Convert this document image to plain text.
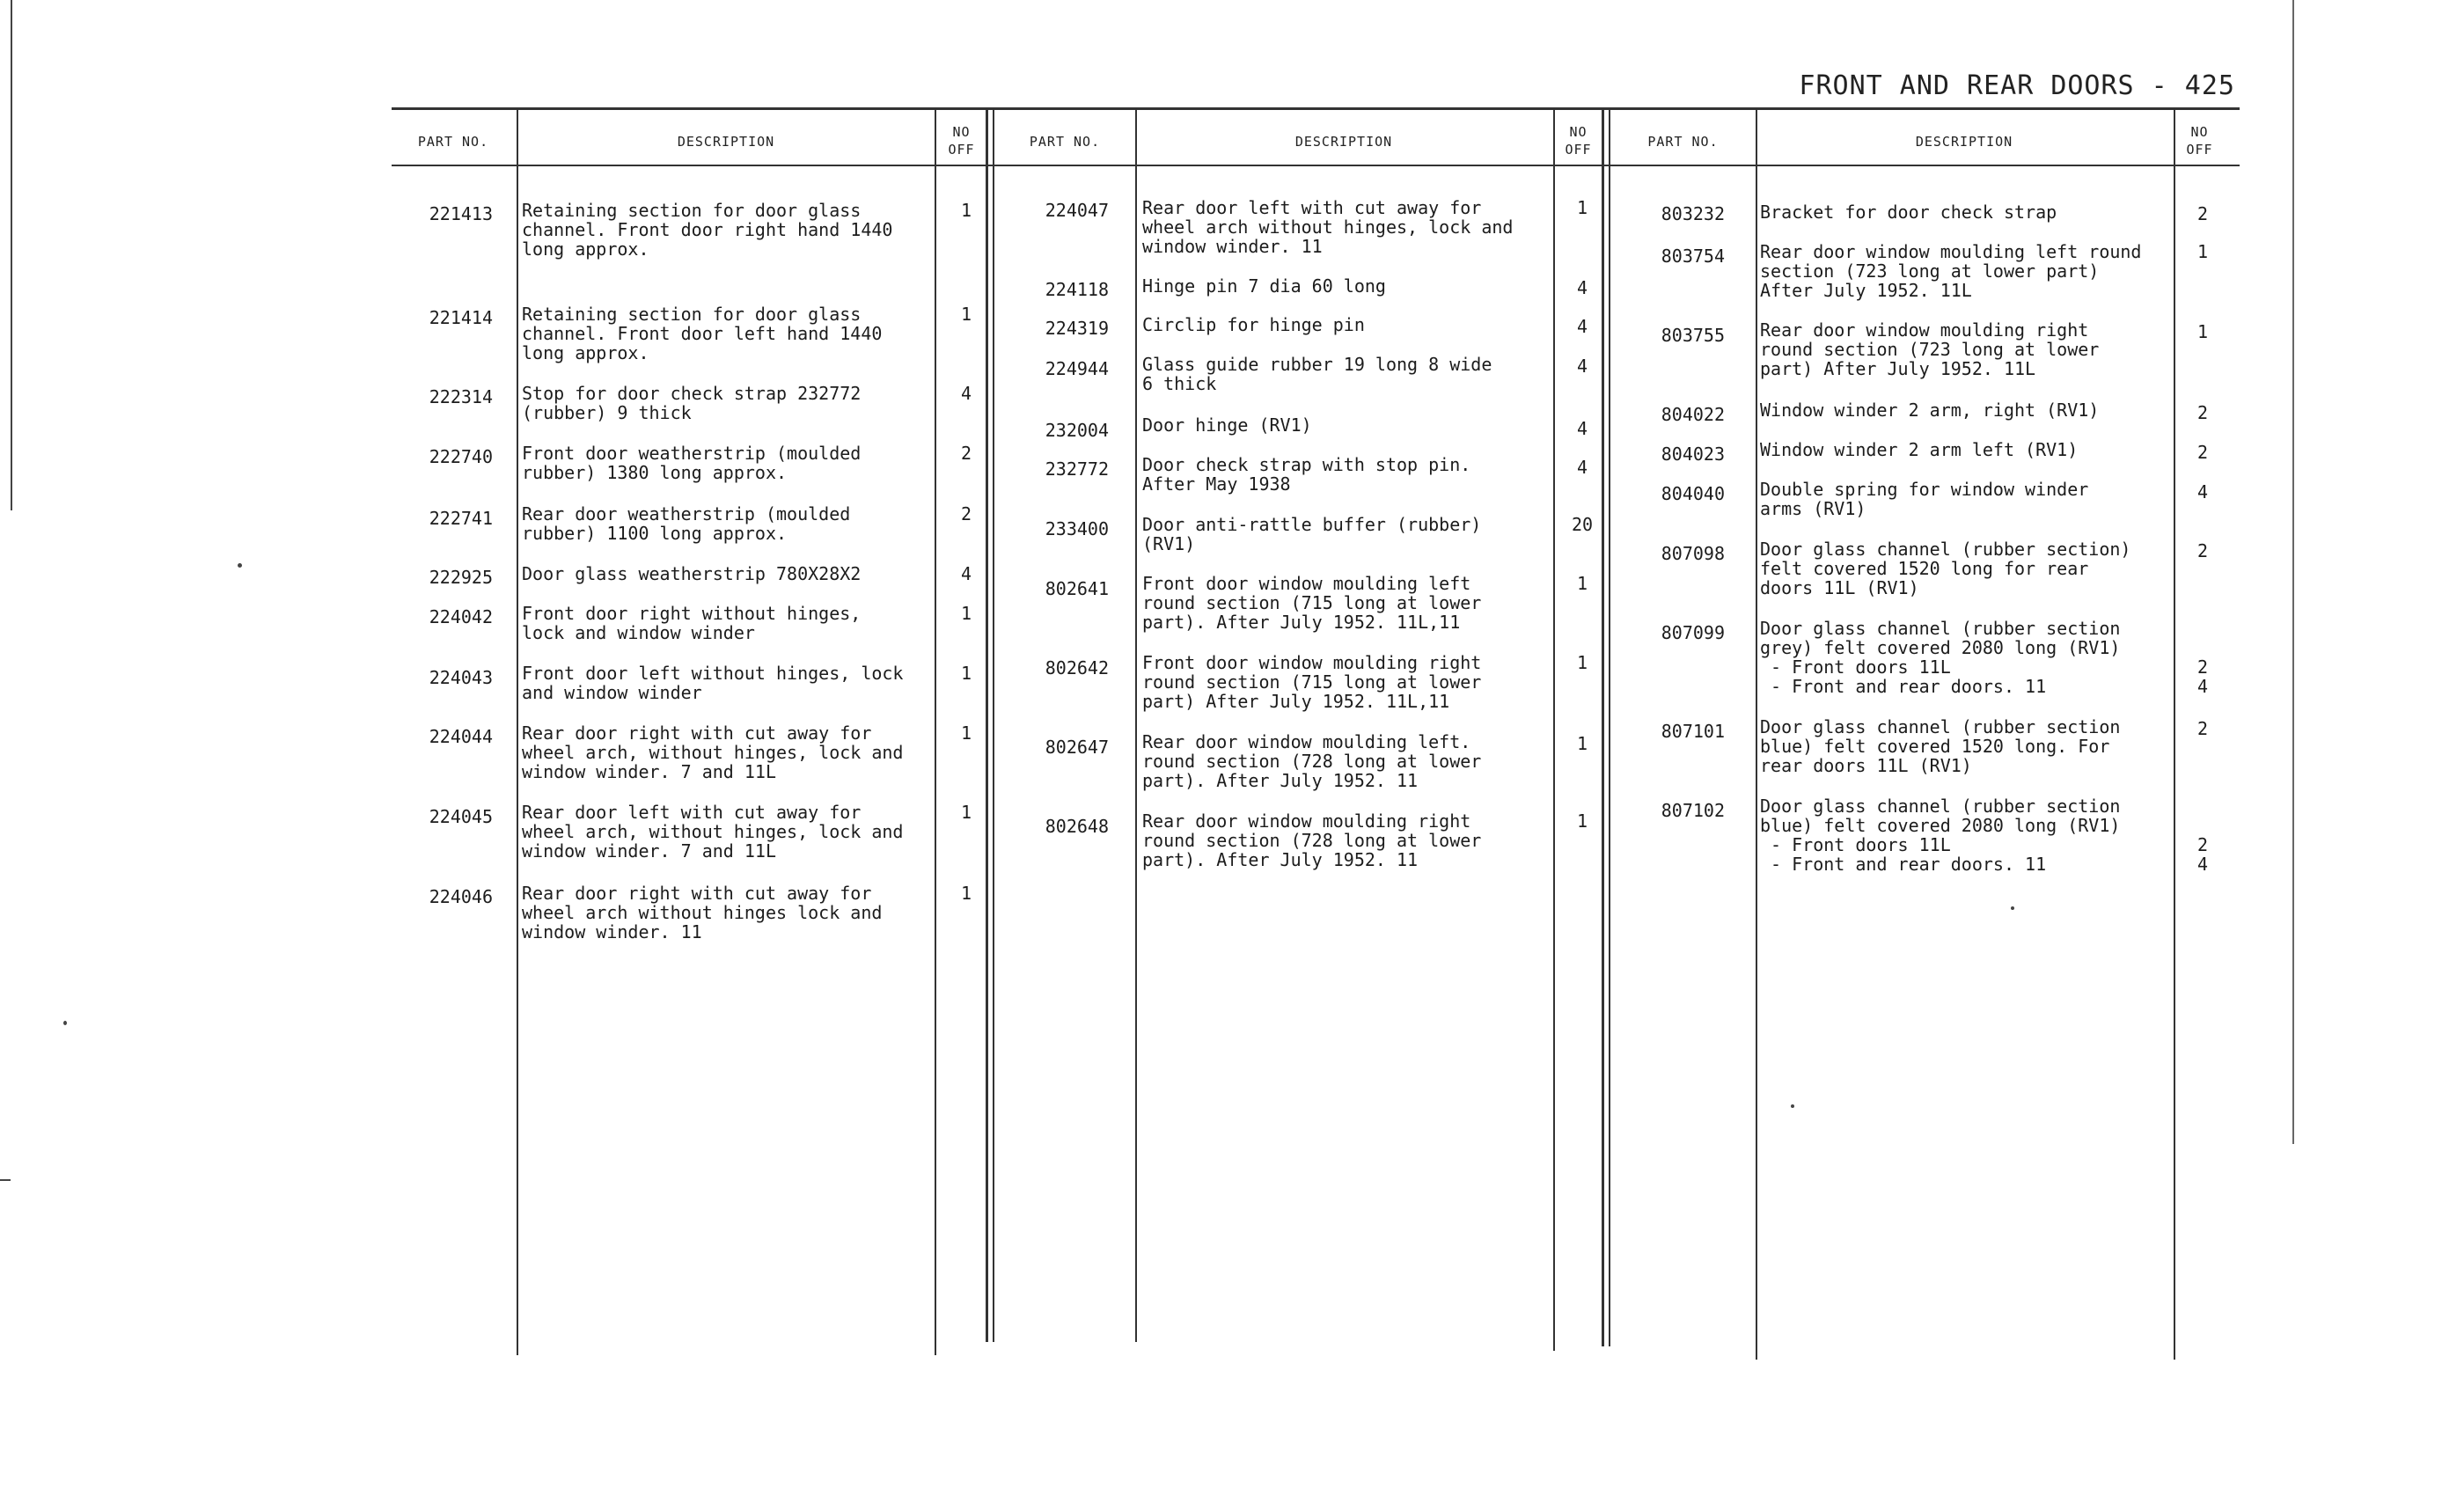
FRONT AND REAR DOORS - 425
PART NO.	DESCRIPTION
NO
OFF	PART NO.	DESCRIPTION
NO
OFF	PART NO.	DESCRIPTION
NO
OFF
221413 Retaining section for door glass
channel. Front door right hand 1440
long approx.
1
221414 Retaining section for door glass
channel. Front door left hand 1440
long approx.
1
222314 Stop for door check strap 232772
(rubber) 9 thick
4
222740 Front door weatherstrip (moulded
rubber) 1380 long approx.
2
222741 Rear door weatherstrip (moulded
rubber) 1100 long approx.
2
222925 Door glass weatherstrip 780X28X2	4
224042 Front door right without hinges,
lock and window winder
1
224043 Front door left without hinges, lock
and window winder
1
224044 Rear door right with cut away for
wheel arch, without hinges, lock and
window winder. 7 and 11L
1
224045 Rear door left with cut away for
wheel arch, without hinges, lock and
window winder. 7 and 11L
1
224046 Rear door right with cut away for
wheel arch without hinges lock and
window winder. 11
1
224047 Rear door left with cut away for
wheel arch without hinges, lock and
window winder. 11
1
224118 Hinge pin 7 dia 60 long	4
224319 Circlip for hinge pin	4
224944 Glass guide rubber 19 long 8 wide
6 thick
4
232004 Door hinge (RV1)	4
232772 Door check strap with stop pin.
After May 1938
4
233400 Door anti-rattle buffer (rubber)
(RV1)
20
802641 Front door window moulding left
round section (715 long at lower
part). After July 1952. 11L,11
1
802642 Front door window moulding right
round section (715 long at lower
part) After July 1952. 11L,11
1
802647 Rear door window moulding left.
round section (728 long at lower
part). After July 1952. 11
1
802648 Rear door window moulding right
round section (728 long at lower
part). After July 1952. 11
1
803232 Bracket for door check strap	2
803754 Rear door window moulding left round
section (723 long at lower part)
After July 1952. 11L
1
803755 Rear door window moulding right
round section (723 long at lower
part) After July 1952. 11L
1
804022 Window winder 2 arm, right (RV1)	2
804023 Window winder 2 arm left (RV1)	2
804040 Double spring for window winder
arms (RV1)
4
807098 Door glass channel (rubber section)
felt covered 1520 long for rear
doors 11L (RV1)
2
807099 Door glass channel (rubber section
grey) felt covered 2080 long (RV1)
- Front doors 11L
- Front and rear doors. 11

2
4
807101 Door glass channel (rubber section
blue) felt covered 1520 long. For
rear doors 11L (RV1)
2
807102 Door glass channel (rubber section
blue) felt covered 2080 long (RV1)
- Front doors 11L
- Front and rear doors. 11

2
4
